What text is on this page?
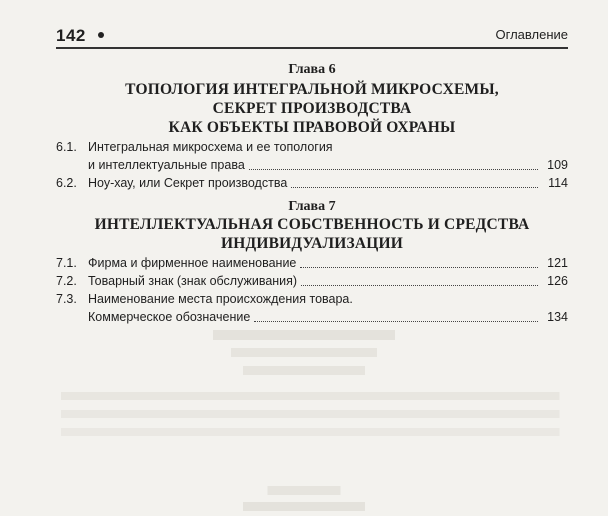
142	Оглавление
Глава 6
ТОПОЛОГИЯ ИНТЕГРАЛЬНОЙ МИКРОСХЕМЫ,
СЕКРЕТ ПРОИЗВОДСТВА
КАК ОБЪЕКТЫ ПРАВОВОЙ ОХРАНЫ
6.1. Интегральная микросхема и ее топология
и интеллектуальные права	109
6.2. Ноу-хау, или Секрет производства	114
Глава 7
ИНТЕЛЛЕКТУАЛЬНАЯ СОБСТВЕННОСТЬ И СРЕДСТВА
ИНДИВИДУАЛИЗАЦИИ
7.1. Фирма и фирменное наименование	121
7.2. Товарный знак (знак обслуживания)	126
7.3. Наименование места происхождения товара.
Коммерческое обозначение	134
